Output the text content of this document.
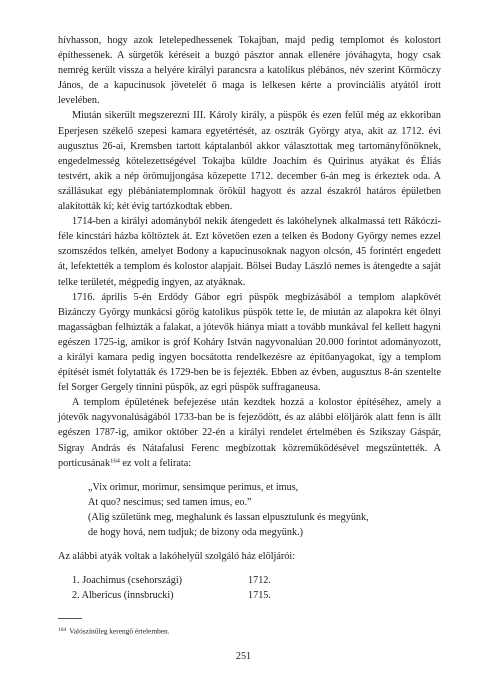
hívhasson, hogy azok letelepedhessenek Tokajban, majd pedig templomot és kolostort építhessenek. A sürgetők kéréseit a buzgó pásztor annak ellenére jóváhagyta, hogy csak nemrég került vissza a helyére királyi parancsra a katolikus plébános, név szerint Körmöczy János, de a kapucinusok jövetelét ő maga is lelkesen kérte a provinciális atyától írott levelében.

Miután sikerült megszerezni III. Károly király, a püspök és ezen felül még az ekkoriban Eperjesen székelő szepesi kamara egyetértését, az osztrák György atya, akit az 1712. évi augusztus 26-ai, Kremsben tartott káptalanból akkor választottak meg tartományfőnöknek, engedelmesség kötelezettségével Tokajba küldte Joachim és Quirinus atyákat és Éliás testvért, akik a nép örömujjongása közepette 1712. december 6-án meg is érkeztek oda. A szállásukat egy plébániatemplomnak örökül hagyott és azzal északról határos épületben alakították ki; két évig tartózkodtak ebben.

1714-ben a királyi adományból nekik átengedett és lakóhelynek alkalmassá tett Rákóczi-féle kincstári házba költöztek át. Ezt követően ezen a telken és Bodony György nemes ezzel szomszédos telkén, amelyet Bodony a kapucinusoknak nagyon olcsón, 45 forintért engedett át, lefektették a templom és kolostor alapjait. Bölsei Buday László nemes is átengedte a saját telke területét, mégpedig ingyen, az atyáknak.

1716. április 5-én Erdődy Gábor egri püspök megbízásából a templom alapkövét Bizánczy György munkácsi görög katolikus püspök tette le, de miután az alapokra két ölnyi magasságban felhúzták a falakat, a jótevők hiánya miatt a tovább munkával fel kellett hagyni egészen 1725-ig, amikor is gróf Koháry István nagyvonalúan 20.000 forintot adományozott, a királyi kamara pedig ingyen bocsátotta rendelkezésre az építőanyagokat, így a templom építését ismét folytatták és 1729-ben be is fejezték. Ebben az évben, augusztus 8-án szentelte fel Sorger Gergely tinnini püspök, az egri püspök suffraganeusa.

A templom épületének befejezése után kezdtek hozzá a kolostor építéséhez, amely a jótevők nagyvonalúságából 1733-ban be is fejeződött, és az alábbi elöljárók alatt fenn is állt egészen 1787-ig, amikor október 22-én a királyi rendelet értelmében és Szikszay Gáspár, Sigray András és Nátafalusi Ferenc megbízottak közreműködésével megszüntették. A porticusának$^{164}$ ez volt a felirata:

„Vix orimur, morimur, sensimque perimus, et imus,
At quo? nescimus; sed tamen imus, eo.”
(Alig születünk meg, meghalunk és lassan elpusztulunk és megyünk,
de hogy hová, nem tudjuk; de bizony oda megyünk.)

Az alábbi atyák voltak a lakóhelyül szolgáló ház elöljárói:

1. Joachimus (csehországi)	1712.
2. Albericus (innsbrucki)	1715.

$^{164}$ Valószínűleg kerengő értelemben.

251
